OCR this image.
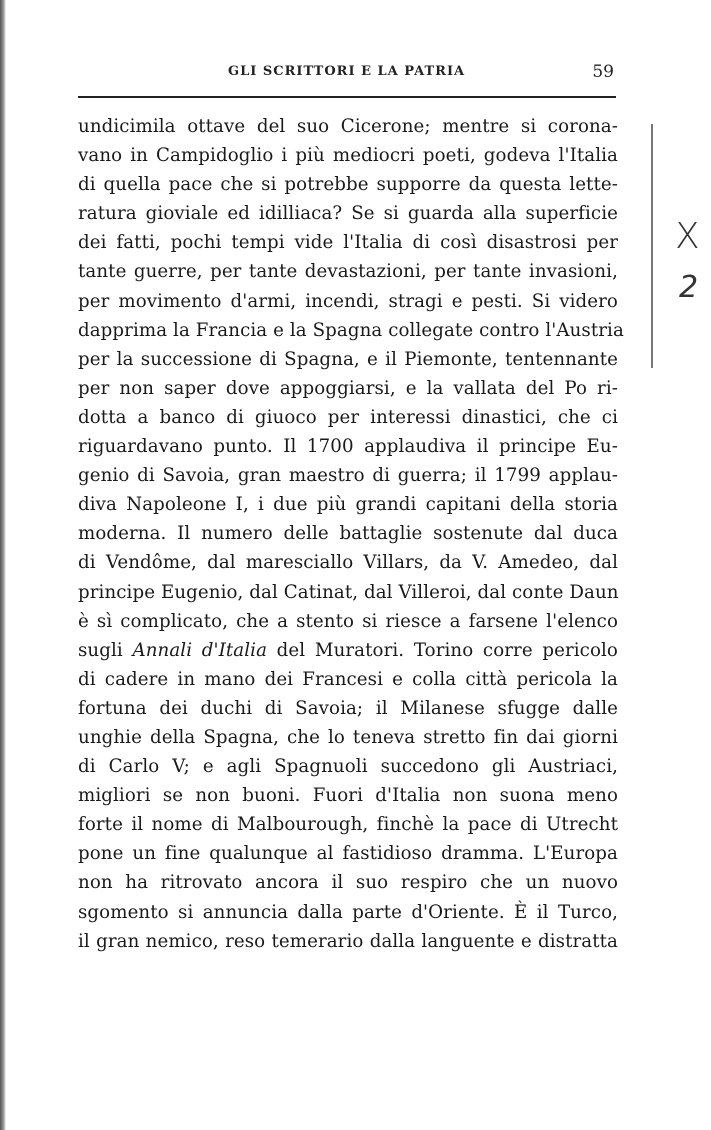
GLI SCRITTORI E LA PATRIA	59
undicimila ottave del suo Cicerone; mentre si corona-
vano in Campidoglio i più mediocri poeti, godeva l'Italia
di quella pace che si potrebbe supporre da questa lette-
ratura gioviale ed idilliaca? Se si guarda alla superficie
dei fatti, pochi tempi vide l'Italia di così disastrosi per
tante guerre, per tante devastazioni, per tante invasioni,
per movimento d'armi, incendi, stragi e pesti. Si videro
dapprima la Francia e la Spagna collegate contro l'Austria
per la successione di Spagna, e il Piemonte, tentennante
per non saper dove appoggiarsi, e la vallata del Po ri-
dotta a banco di giuoco per interessi dinastici, che ci
riguardavano punto. Il 1700 applaudiva il principe Eu-
genio di Savoia, gran maestro di guerra; il 1799 applau-
diva Napoleone I, i due più grandi capitani della storia
moderna. Il numero delle battaglie sostenute dal duca
di Vendôme, dal maresciallo Villars, da V. Amedeo, dal
principe Eugenio, dal Catinat, dal Villeroi, dal conte Daun
è sì complicato, che a stento si riesce a farsene l'elenco
sugli Annali d'Italia del Muratori. Torino corre pericolo
di cadere in mano dei Francesi e colla città pericola la
fortuna dei duchi di Savoia; il Milanese sfugge dalle
unghie della Spagna, che lo teneva stretto fin dai giorni
di Carlo V; e agli Spagnuoli succedono gli Austriaci,
migliori se non buoni. Fuori d'Italia non suona meno
forte il nome di Malbourough, finchè la pace di Utrecht
pone un fine qualunque al fastidioso dramma. L'Europa
non ha ritrovato ancora il suo respiro che un nuovo
sgomento si annuncia dalla parte d'Oriente. È il Turco,
il gran nemico, reso temerario dalla languente e distratta
X
2
